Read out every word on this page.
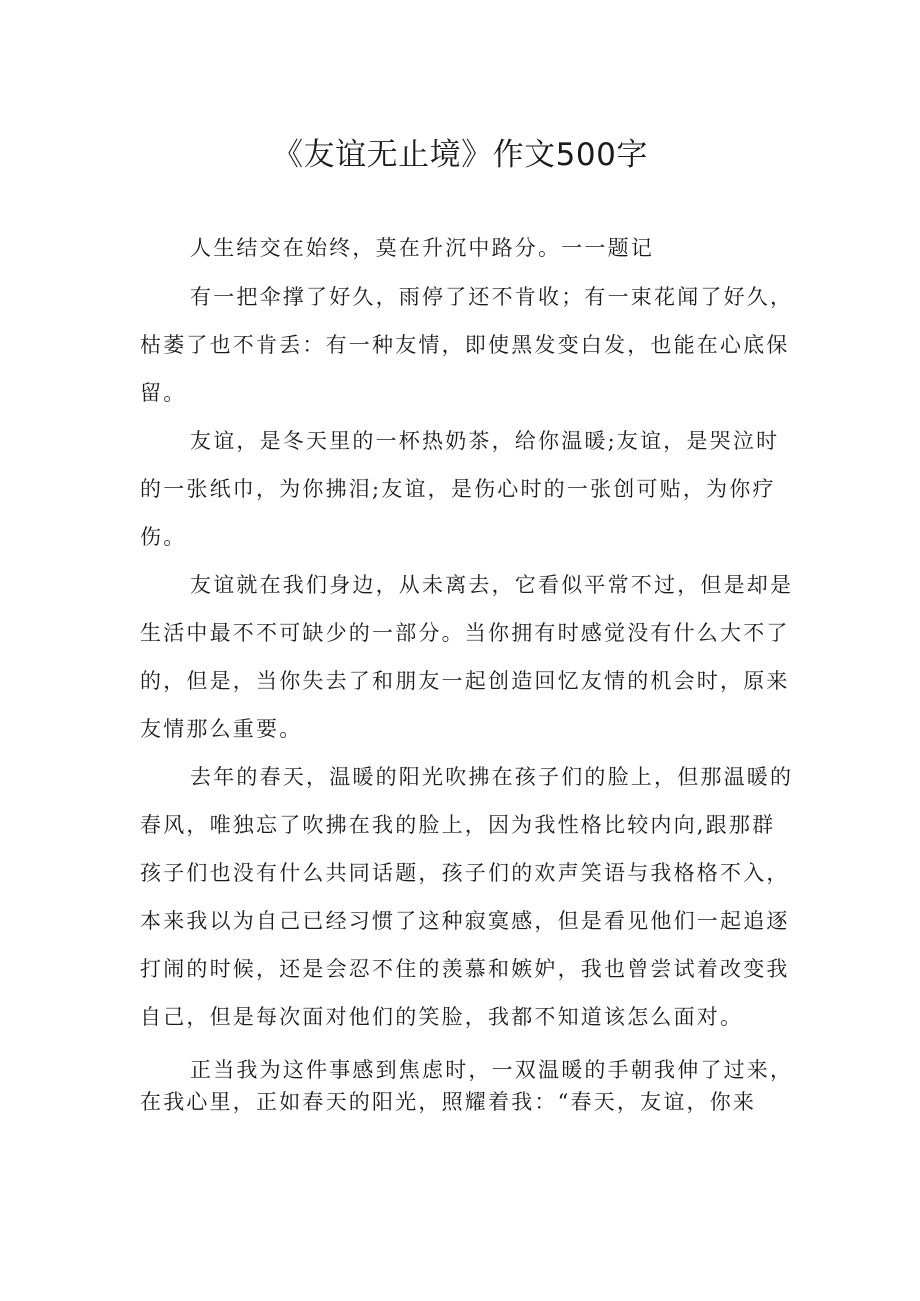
《友谊无止境》作文500字

人生结交在始终，莫在升沉中路分。一一题记

有一把伞撑了好久，雨停了还不肯收；有一束花闻了好久，

枯萎了也不肯丢：有一种友情，即使黑发变白发，也能在心底保

留。

友谊，是冬天里的一杯热奶茶，给你温暖;友谊，是哭泣时

的一张纸巾，为你拂泪;友谊，是伤心时的一张创可贴，为你疗

伤。

友谊就在我们身边，从未离去，它看似平常不过，但是却是

生活中最不不可缺少的一部分。当你拥有时感觉没有什么大不了

的，但是，当你失去了和朋友一起创造回忆友情的机会时，原来

友情那么重要。

去年的春天，温暖的阳光吹拂在孩子们的脸上，但那温暖的

春风，唯独忘了吹拂在我的脸上，因为我性格比较内向,跟那群

孩子们也没有什么共同话题，孩子们的欢声笑语与我格格不入，

本来我以为自己已经习惯了这种寂寞感，但是看见他们一起追逐

打闹的时候，还是会忍不住的羡慕和嫉妒，我也曾尝试着改变我

自己，但是每次面对他们的笑脸，我都不知道该怎么面对。

正当我为这件事感到焦虑时，一双温暖的手朝我伸了过来，

在我心里，正如春天的阳光，照耀着我：“春天，友谊，你来
